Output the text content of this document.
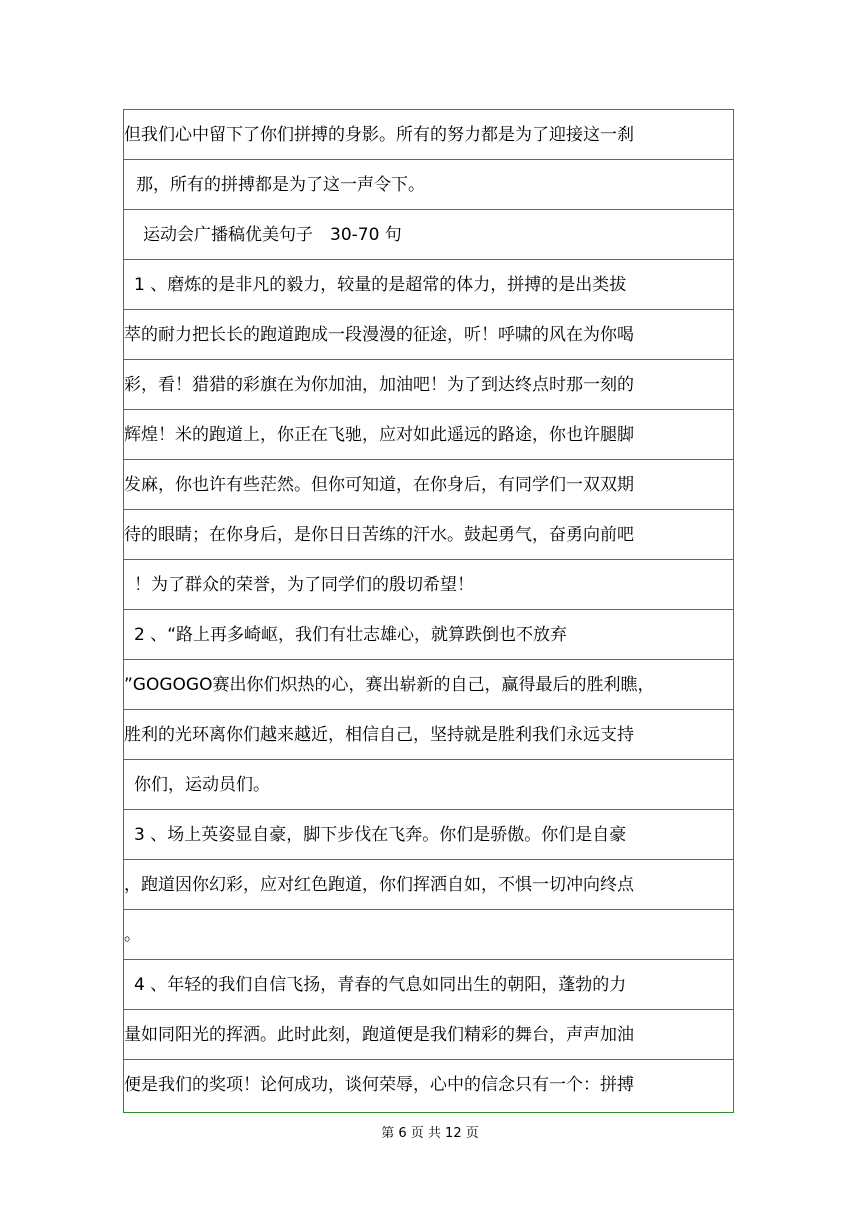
但我们心中留下了你们拼搏的身影。所有的努力都是为了迎接这一刹
那，所有的拼搏都是为了这一声令下。
运动会广播稿优美句子　30-70 句
1 、磨炼的是非凡的毅力，较量的是超常的体力，拼搏的是出类拔
萃的耐力把长长的跑道跑成一段漫漫的征途，听！呼啸的风在为你喝
彩，看！猎猎的彩旗在为你加油，加油吧！为了到达终点时那一刻的
辉煌！米的跑道上，你正在飞驰，应对如此遥远的路途，你也许腿脚
发麻，你也许有些茫然。但你可知道，在你身后，有同学们一双双期
待的眼睛；在你身后，是你日日苦练的汗水。鼓起勇气，奋勇向前吧
！为了群众的荣誉，为了同学们的殷切希望！
2 、“路上再多崎岖，我们有壮志雄心，就算跌倒也不放弃
”GOGOGO赛出你们炽热的心，赛出崭新的自己，赢得最后的胜利瞧，
胜利的光环离你们越来越近，相信自己，坚持就是胜利我们永远支持
你们，运动员们。
3 、场上英姿显自豪，脚下步伐在飞奔。你们是骄傲。你们是自豪
，跑道因你幻彩，应对红色跑道，你们挥洒自如，不惧一切冲向终点
。
4 、年轻的我们自信飞扬，青春的气息如同出生的朝阳，蓬勃的力
量如同阳光的挥洒。此时此刻，跑道便是我们精彩的舞台，声声加油
便是我们的奖项！论何成功，谈何荣辱，心中的信念只有一个：拼搏
第 6 页 共 12 页
